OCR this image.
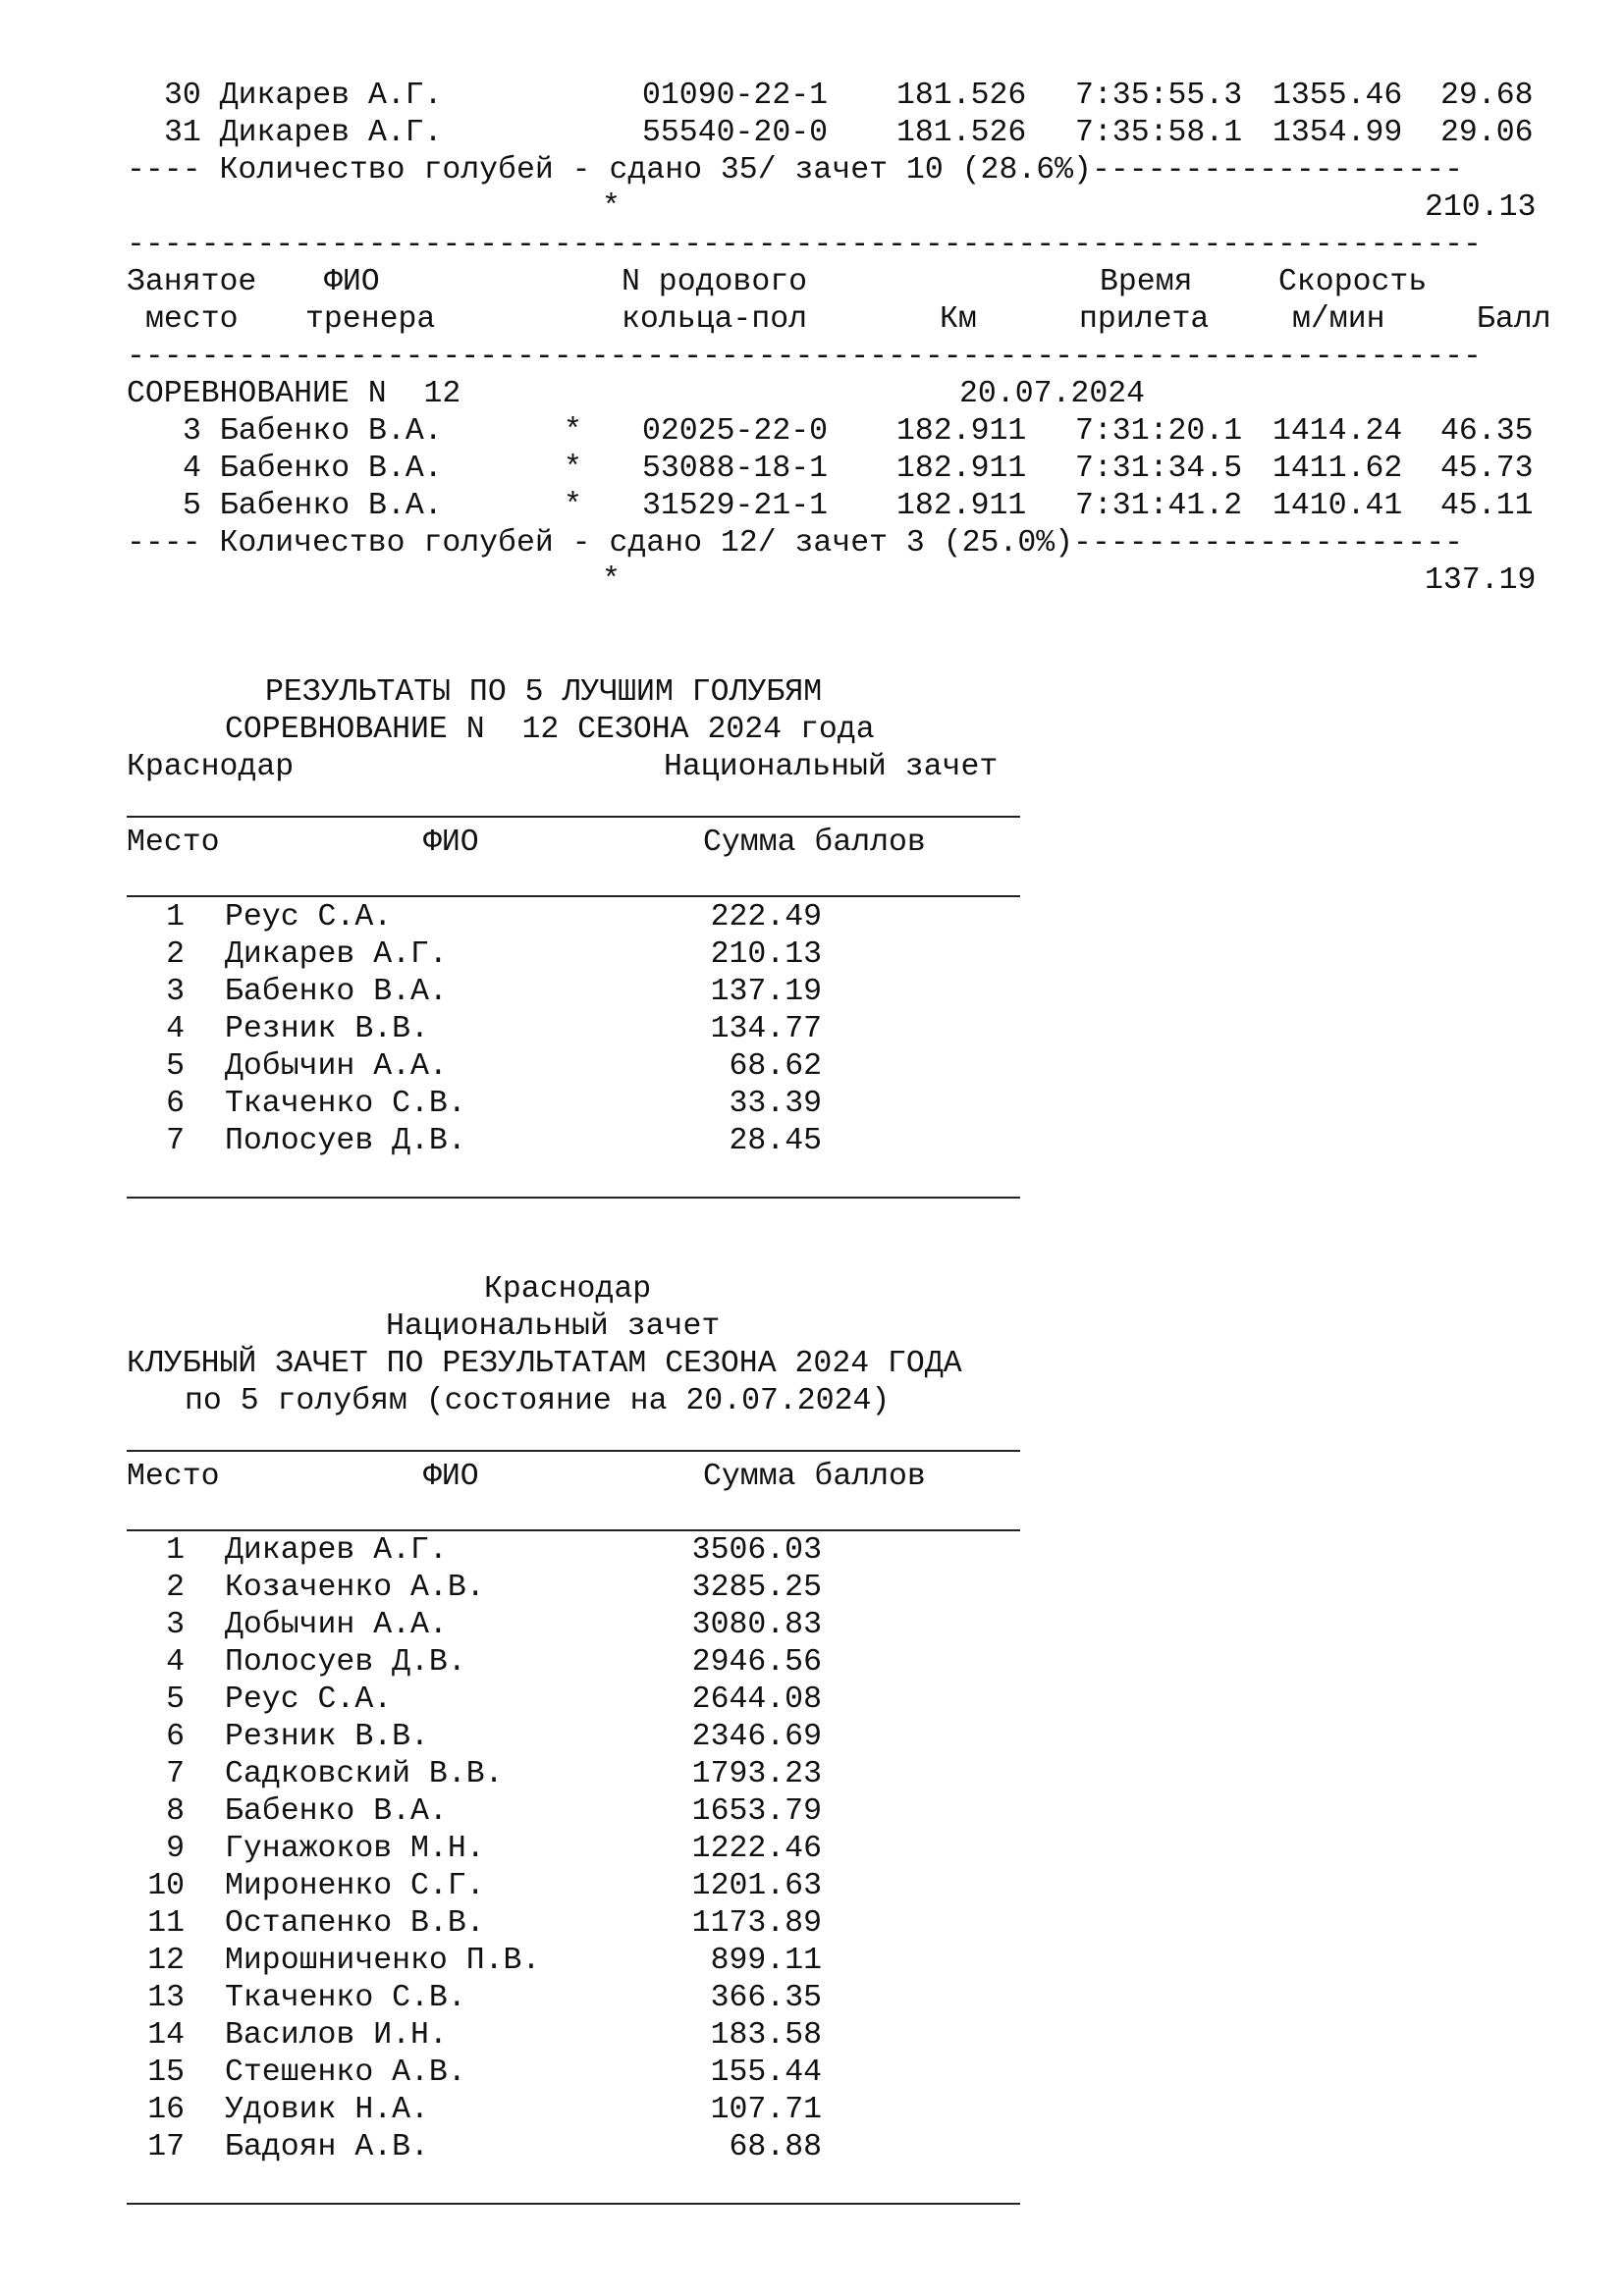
30 Дикарев А.Г.	01090-22-1 181.526 7:35:55.3 1355.46 29.68
31 Дикарев А.Г.	55540-20-0 181.526 7:35:58.1 1354.99 29.06
---- Количество голубей - сдано 35/ зачет 10 (28.6%)--------------------
*	210.13
-------------------------------------------------------------------------
Занятое ФИО	N родового	Время	Скорость
место тренера	кольца-пол	Км	прилета	м/мин	Балл
-------------------------------------------------------------------------
СОРЕВНОВАНИЕ N  12	20.07.2024
3 Бабенко В.А.	* 02025-22-0 182.911 7:31:20.1 1414.24 46.35
4 Бабенко В.А.	* 53088-18-1 182.911 7:31:34.5 1411.62 45.73
5 Бабенко В.А.	* 31529-21-1 182.911 7:31:41.2 1410.41 45.11
---- Количество голубей - сдано 12/ зачет 3 (25.0%)---------------------
*	137.19
РЕЗУЛЬТАТЫ ПО 5 ЛУЧШИМ ГОЛУБЯМ
СОРЕВНОВАНИЕ N  12 СЕЗОНА 2024 года
Краснодар	Национальный зачет
Место	ФИО	Сумма баллов
1 Реус С.А.	222.49
2 Дикарев А.Г.	210.13
3 Бабенко В.А.	137.19
4 Резник В.В.	134.77
5 Добычин А.А.	68.62
6 Ткаченко С.В.	33.39
7 Полосуев Д.В.	28.45
Краснодар
Национальный зачет
КЛУБНЫЙ ЗАЧЕТ ПО РЕЗУЛЬТАТАМ СЕЗОНА 2024 ГОДА
по 5 голубям (состояние на 20.07.2024)
Место	ФИО	Сумма баллов
1 Дикарев А.Г.	3506.03
2 Козаченко А.В.	3285.25
3 Добычин А.А.	3080.83
4 Полосуев Д.В.	2946.56
5 Реус С.А.	2644.08
6 Резник В.В.	2346.69
7 Садковский В.В.	1793.23
8 Бабенко В.А.	1653.79
9 Гунажоков М.Н.	1222.46
10 Мироненко С.Г.	1201.63
11 Остапенко В.В.	1173.89
12 Мирошниченко П.В.	899.11
13 Ткаченко С.В.	366.35
14 Василов И.Н.	183.58
15 Стешенко А.В.	155.44
16 Удовик Н.А.	107.71
17 Бадоян А.В.	68.88
